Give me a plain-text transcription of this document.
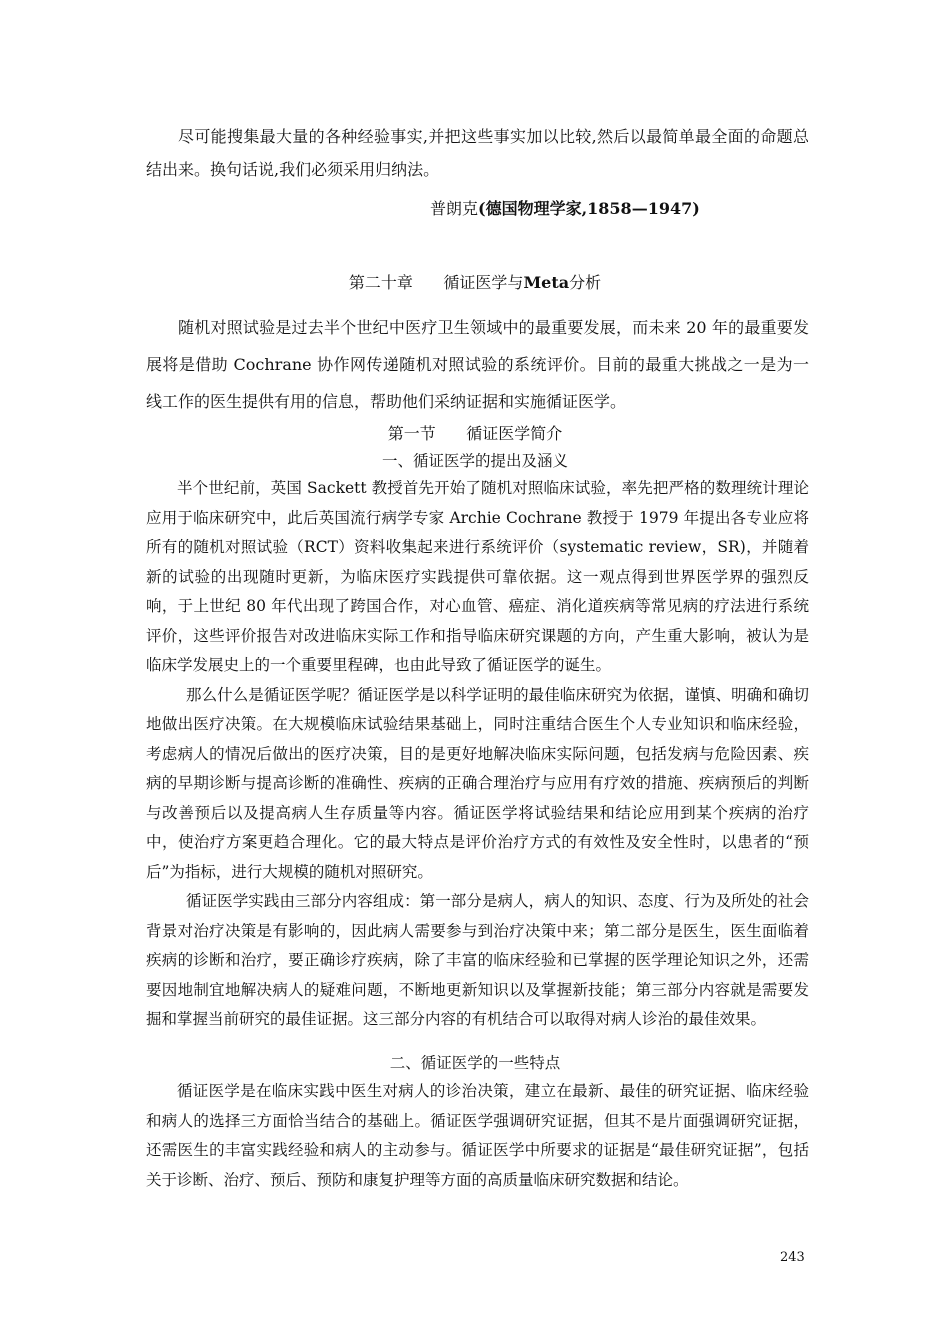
尽可能搜集最大量的各种经验事实,并把这些事实加以比较,然后以最简单最全面的命题总结出来。换句话说,我们必须采用归纳法。
普朗克(德国物理学家,1858—1947)
第二十章 循证医学与Meta分析
随机对照试验是过去半个世纪中医疗卫生领域中的最重要发展，而未来 20 年的最重要发展将是借助 Cochrane 协作网传递随机对照试验的系统评价。目前的最重大挑战之一是为一线工作的医生提供有用的信息，帮助他们采纳证据和实施循证医学。
第一节 循证医学简介
一、循证医学的提出及涵义

半个世纪前，英国 Sackett 教授首先开始了随机对照临床试验，率先把严格的数理统计理论应用于临床研究中，此后英国流行病学专家 Archie Cochrane 教授于 1979 年提出各专业应将所有的随机对照试验（RCT）资料收集起来进行系统评价（systematic review，SR)，并随着新的试验的出现随时更新，为临床医疗实践提供可靠依据。这一观点得到世界医学界的强烈反响，于上世纪 80 年代出现了跨国合作，对心血管、癌症、消化道疾病等常见病的疗法进行系统评价，这些评价报告对改进临床实际工作和指导临床研究课题的方向，产生重大影响，被认为是临床学发展史上的一个重要里程碑，也由此导致了循证医学的诞生。

那么什么是循证医学呢？循证医学是以科学证明的最佳临床研究为依据，谨慎、明确和确切地做出医疗决策。在大规模临床试验结果基础上，同时注重结合医生个人专业知识和临床经验，考虑病人的情况后做出的医疗决策，目的是更好地解决临床实际问题，包括发病与危险因素、疾病的早期诊断与提高诊断的准确性、疾病的正确合理治疗与应用有疗效的措施、疾病预后的判断与改善预后以及提高病人生存质量等内容。循证医学将试验结果和结论应用到某个疾病的治疗中，使治疗方案更趋合理化。它的最大特点是评价治疗方式的有效性及安全性时，以患者的“预后”为指标，进行大规模的随机对照研究。

循证医学实践由三部分内容组成：第一部分是病人，病人的知识、态度、行为及所处的社会背景对治疗决策是有影响的，因此病人需要参与到治疗决策中来；第二部分是医生，医生面临着疾病的诊断和治疗，要正确诊疗疾病，除了丰富的临床经验和已掌握的医学理论知识之外，还需要因地制宜地解决病人的疑难问题，不断地更新知识以及掌握新技能；第三部分内容就是需要发掘和掌握当前研究的最佳证据。这三部分内容的有机结合可以取得对病人诊治的最佳效果。

二、循证医学的一些特点

循证医学是在临床实践中医生对病人的诊治决策，建立在最新、最佳的研究证据、临床经验和病人的选择三方面恰当结合的基础上。循证医学强调研究证据，但其不是片面强调研究证据，还需医生的丰富实践经验和病人的主动参与。循证医学中所要求的证据是“最佳研究证据”，包括关于诊断、治疗、预后、预防和康复护理等方面的高质量临床研究数据和结论。

243
